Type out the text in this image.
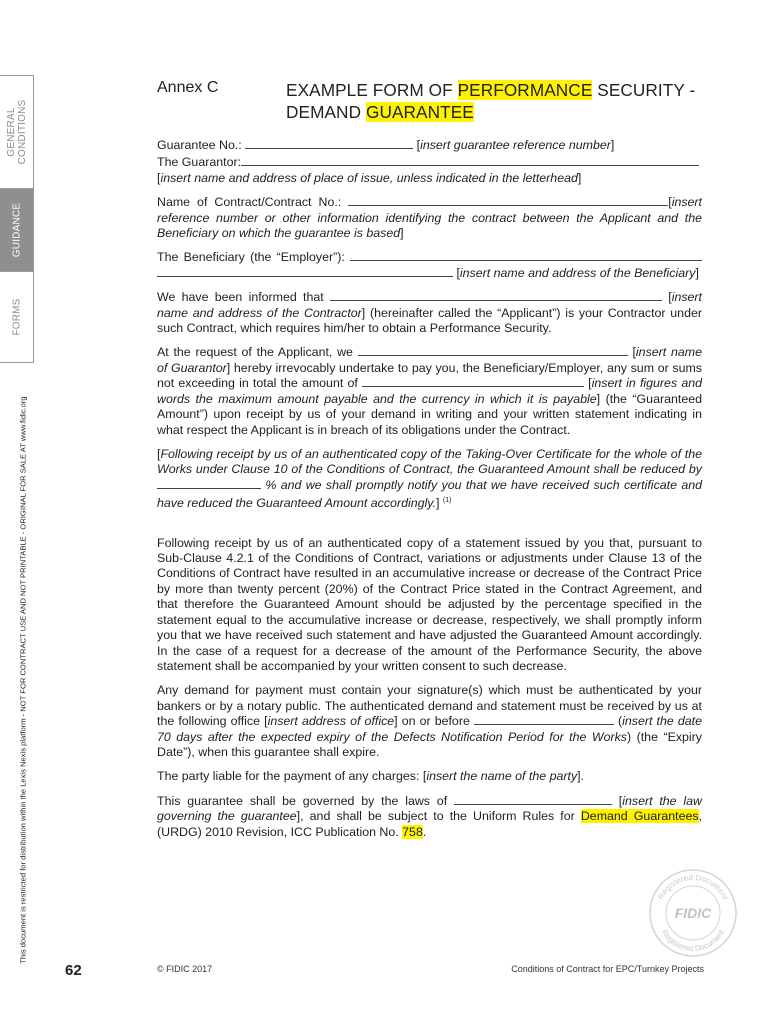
GENERAL CONDITIONS
GUIDANCE
FORMS
This document is restricted for distribution within the Lexis Nexis platform - NOT FOR CONTRACT USE AND NOT PRINTABLE - ORIGINAL FOR SALE AT www.fidic.org
Annex C	EXAMPLE FORM OF PERFORMANCE SECURITY - DEMAND GUARANTEE

Guarantee No.:	[insert guarantee reference number]

The Guarantor:

[insert name and address of place of issue, unless indicated in the letterhead]

Name of Contract/Contract No.:	[insert reference number or other information identifying the contract between the Applicant and the Beneficiary on which the guarantee is based]

The Beneficiary (the “Employer”):   [insert name and address of the Beneficiary]

We have been informed that	[insert name and address of the Contractor] (hereinafter called the “Applicant”) is your Contractor under such Contract, which requires him/her to obtain a Performance Security.

At the request of the Applicant, we	[insert name of Guarantor] hereby irrevocably undertake to pay you, the Beneficiary/Employer, any sum or sums not exceeding in total the amount of	[insert in figures and words the maximum amount payable and the currency in which it is payable] (the “Guaranteed Amount”) upon receipt by us of your demand in writing and your written statement indicating in what respect the Applicant is in breach of its obligations under the Contract.

[Following receipt by us of an authenticated copy of the Taking-Over Certificate for the whole of the Works under Clause 10 of the Conditions of Contract, the Guaranteed Amount shall be reduced by  % and we shall promptly notify you that we have received such certificate and have reduced the Guaranteed Amount accordingly.] $^{(1)}$

Following receipt by us of an authenticated copy of a statement issued by you that, pursuant to Sub-Clause 4.2.1 of the Conditions of Contract, variations or adjustments under Clause 13 of the Conditions of Contract have resulted in an accumulative increase or decrease of the Contract Price by more than twenty percent (20%) of the Contract Price stated in the Contract Agreement, and that therefore the Guaranteed Amount should be adjusted by the percentage specified in the statement equal to the accumulative increase or decrease, respectively, we shall promptly inform you that we have received such statement and have adjusted the Guaranteed Amount accordingly. In the case of a request for a decrease of the amount of the Performance Security, the above statement shall be accompanied by your written consent to such decrease.

Any demand for payment must contain your signature(s) which must be authenticated by your bankers or by a notary public. The authenticated demand and statement must be received by us at the following office [insert address of office] on or before	(insert the date 70 days after the expected expiry of the Defects Notification Period for the Works) (the “Expiry Date”), when this guarantee shall expire.

The party liable for the payment of any charges: [insert the name of the party].

This guarantee shall be governed by the laws of	[insert the law governing the guarantee], and shall be subject to the Uniform Rules for Demand Guarantees, (URDG) 2010 Revision, ICC Publication No. 758.

Registered Document
FIDIC
Registered Document
62	© FIDIC 2017	Conditions of Contract for EPC/Turnkey Projects
